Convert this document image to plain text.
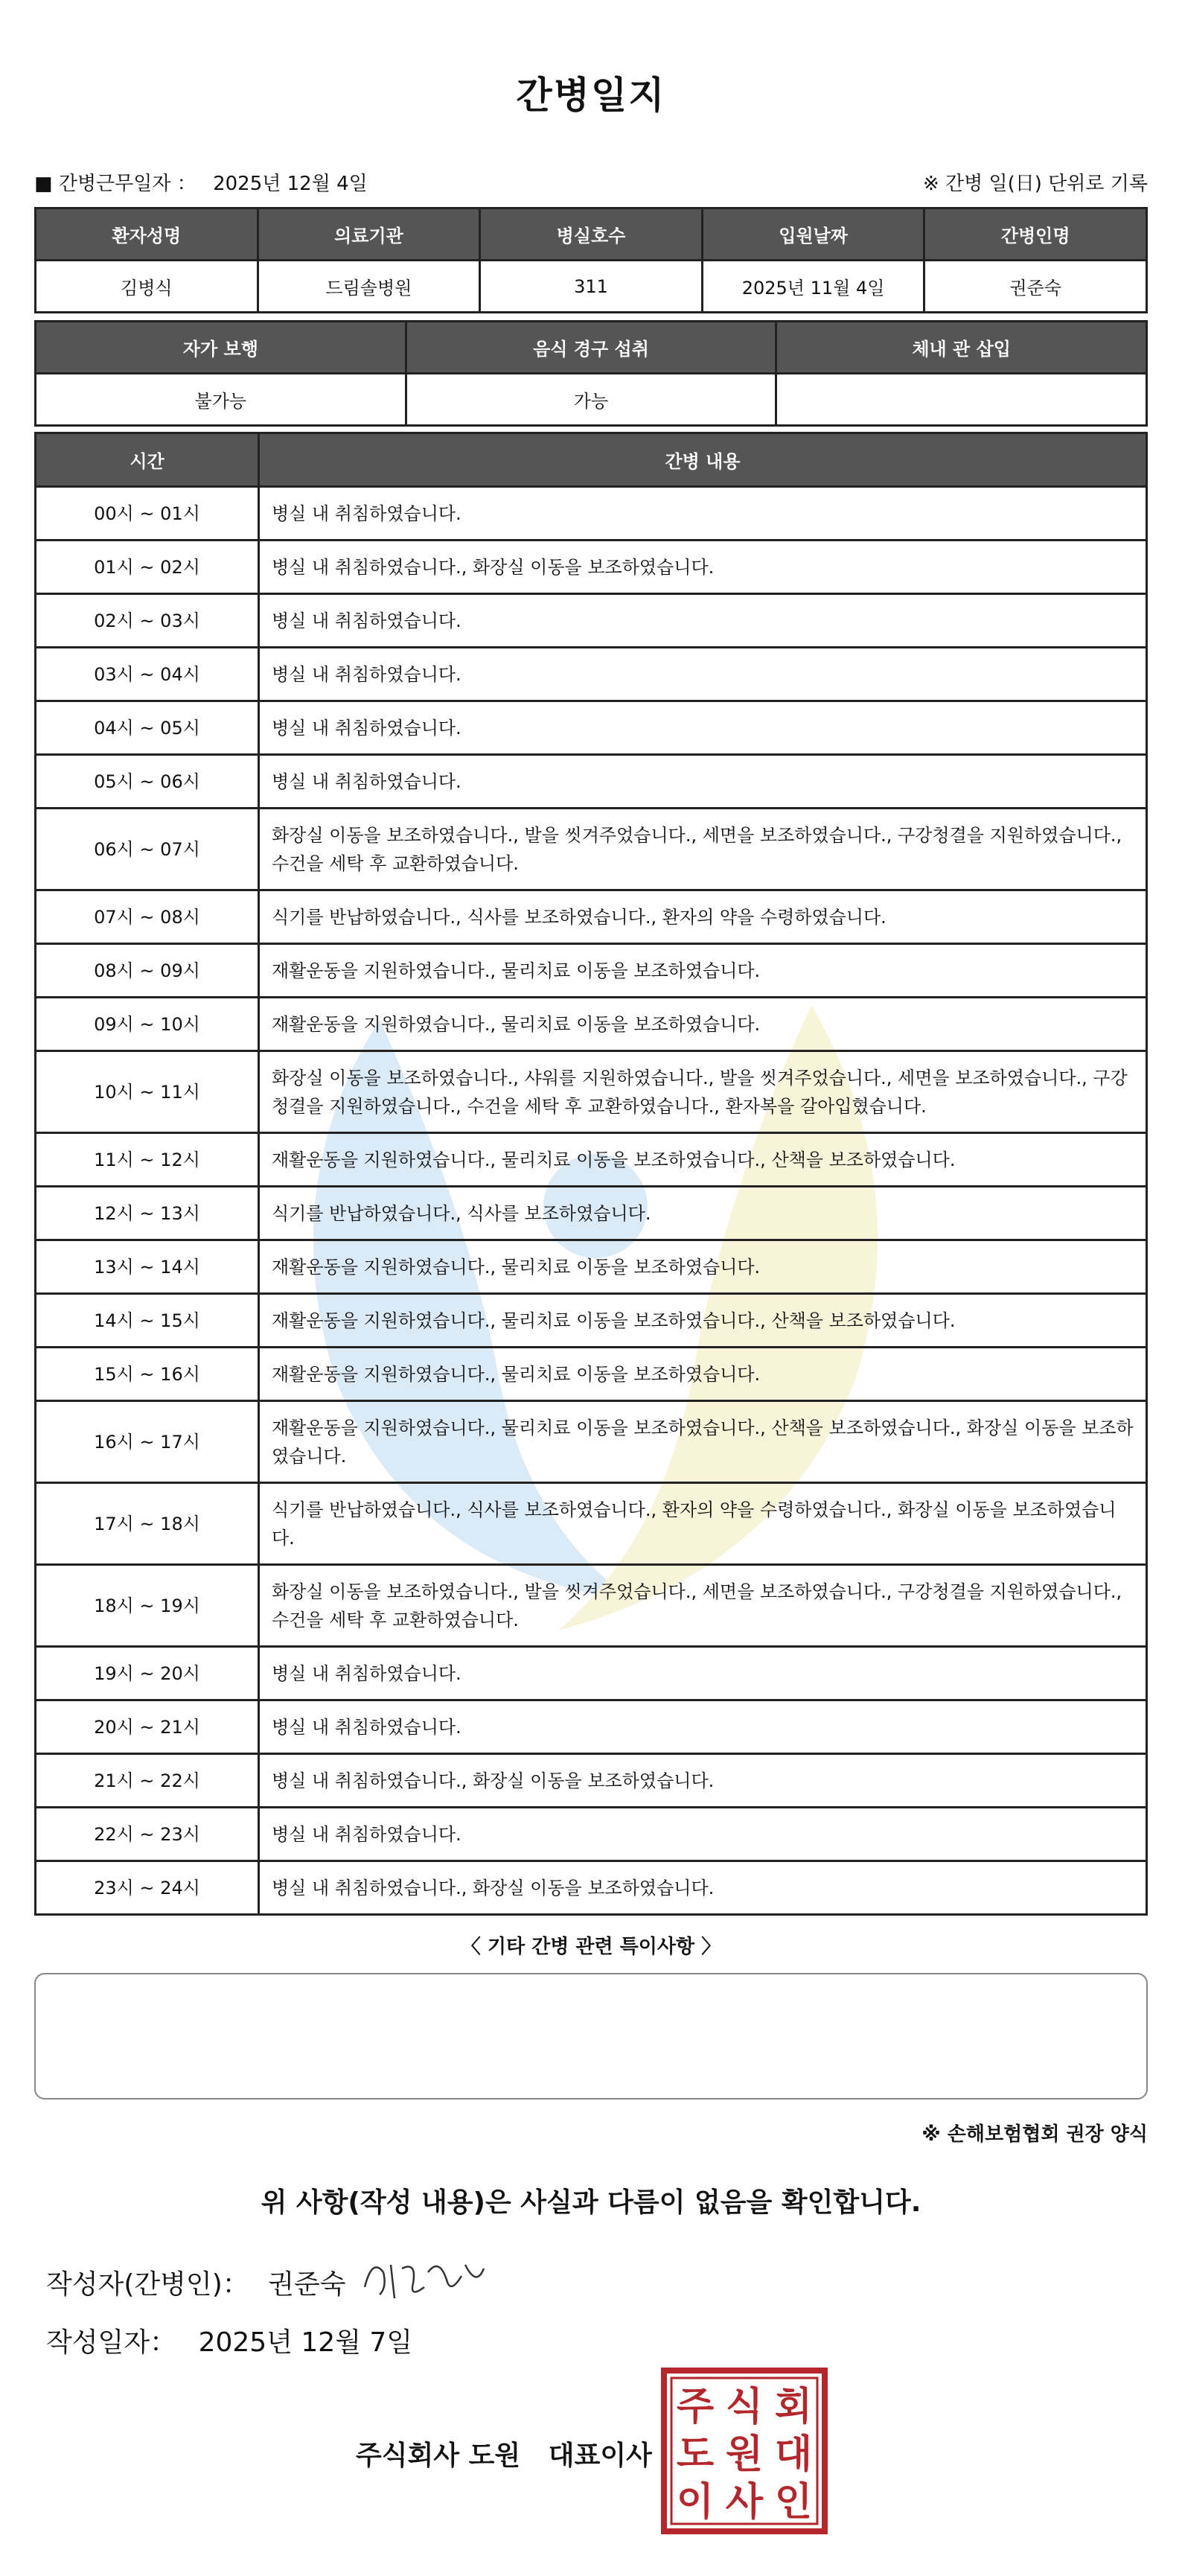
간병일지
■ 간병근무일자 ： 2025년 12월 4일	※ 간병 일(日) 단위로 기록
환자성명	의료기관	병실호수	입원날짜	간병인명
김병식	드림솔병원	311	2025년 11월 4일	권준숙
자가 보행	음식 경구 섭취	체내 관 삽입
불가능	가능	
시간	간병 내용
00시 ~ 01시	병실 내 취침하였습니다.
01시 ~ 02시	병실 내 취침하였습니다., 화장실 이동을 보조하였습니다.
02시 ~ 03시	병실 내 취침하였습니다.
03시 ~ 04시	병실 내 취침하였습니다.
04시 ~ 05시	병실 내 취침하였습니다.
05시 ~ 06시	병실 내 취침하였습니다.
06시 ~ 07시	화장실 이동을 보조하였습니다., 발을 씻겨주었습니다., 세면을 보조하였습니다., 구강청결을 지원하였습니다., 수건을 세탁 후 교환하였습니다.
07시 ~ 08시	식기를 반납하였습니다., 식사를 보조하였습니다., 환자의 약을 수령하였습니다.
08시 ~ 09시	재활운동을 지원하였습니다., 물리치료 이동을 보조하였습니다.
09시 ~ 10시	재활운동을 지원하였습니다., 물리치료 이동을 보조하였습니다.
10시 ~ 11시	화장실 이동을 보조하였습니다., 샤워를 지원하였습니다., 발을 씻겨주었습니다., 세면을 보조하였습니다., 구강청결을 지원하였습니다., 수건을 세탁 후 교환하였습니다., 환자복을 갈아입혔습니다.
11시 ~ 12시	재활운동을 지원하였습니다., 물리치료 이동을 보조하였습니다., 산책을 보조하였습니다.
12시 ~ 13시	식기를 반납하였습니다., 식사를 보조하였습니다.
13시 ~ 14시	재활운동을 지원하였습니다., 물리치료 이동을 보조하였습니다.
14시 ~ 15시	재활운동을 지원하였습니다., 물리치료 이동을 보조하였습니다., 산책을 보조하였습니다.
15시 ~ 16시	재활운동을 지원하였습니다., 물리치료 이동을 보조하였습니다.
16시 ~ 17시	재활운동을 지원하였습니다., 물리치료 이동을 보조하였습니다., 산책을 보조하였습니다., 화장실 이동을 보조하였습니다.
17시 ~ 18시	식기를 반납하였습니다., 식사를 보조하였습니다., 환자의 약을 수령하였습니다., 화장실 이동을 보조하였습니다.
18시 ~ 19시	화장실 이동을 보조하였습니다., 발을 씻겨주었습니다., 세면을 보조하였습니다., 구강청결을 지원하였습니다., 수건을 세탁 후 교환하였습니다.
19시 ~ 20시	병실 내 취침하였습니다.
20시 ~ 21시	병실 내 취침하였습니다.
21시 ~ 22시	병실 내 취침하였습니다., 화장실 이동을 보조하였습니다.
22시 ~ 23시	병실 내 취침하였습니다.
23시 ~ 24시	병실 내 취침하였습니다., 화장실 이동을 보조하였습니다.
〈 기타 간병 관련 특이사항 〉
※ 손해보험협회 권장 양식
위 사항(작성 내용)은 사실과 다름이 없음을 확인합니다.
작성자(간병인)： 권준숙
작성일자： 2025년 12월 7일
주식회사 도원   대표이사
주 식 회
도 원 대
이 사 인
